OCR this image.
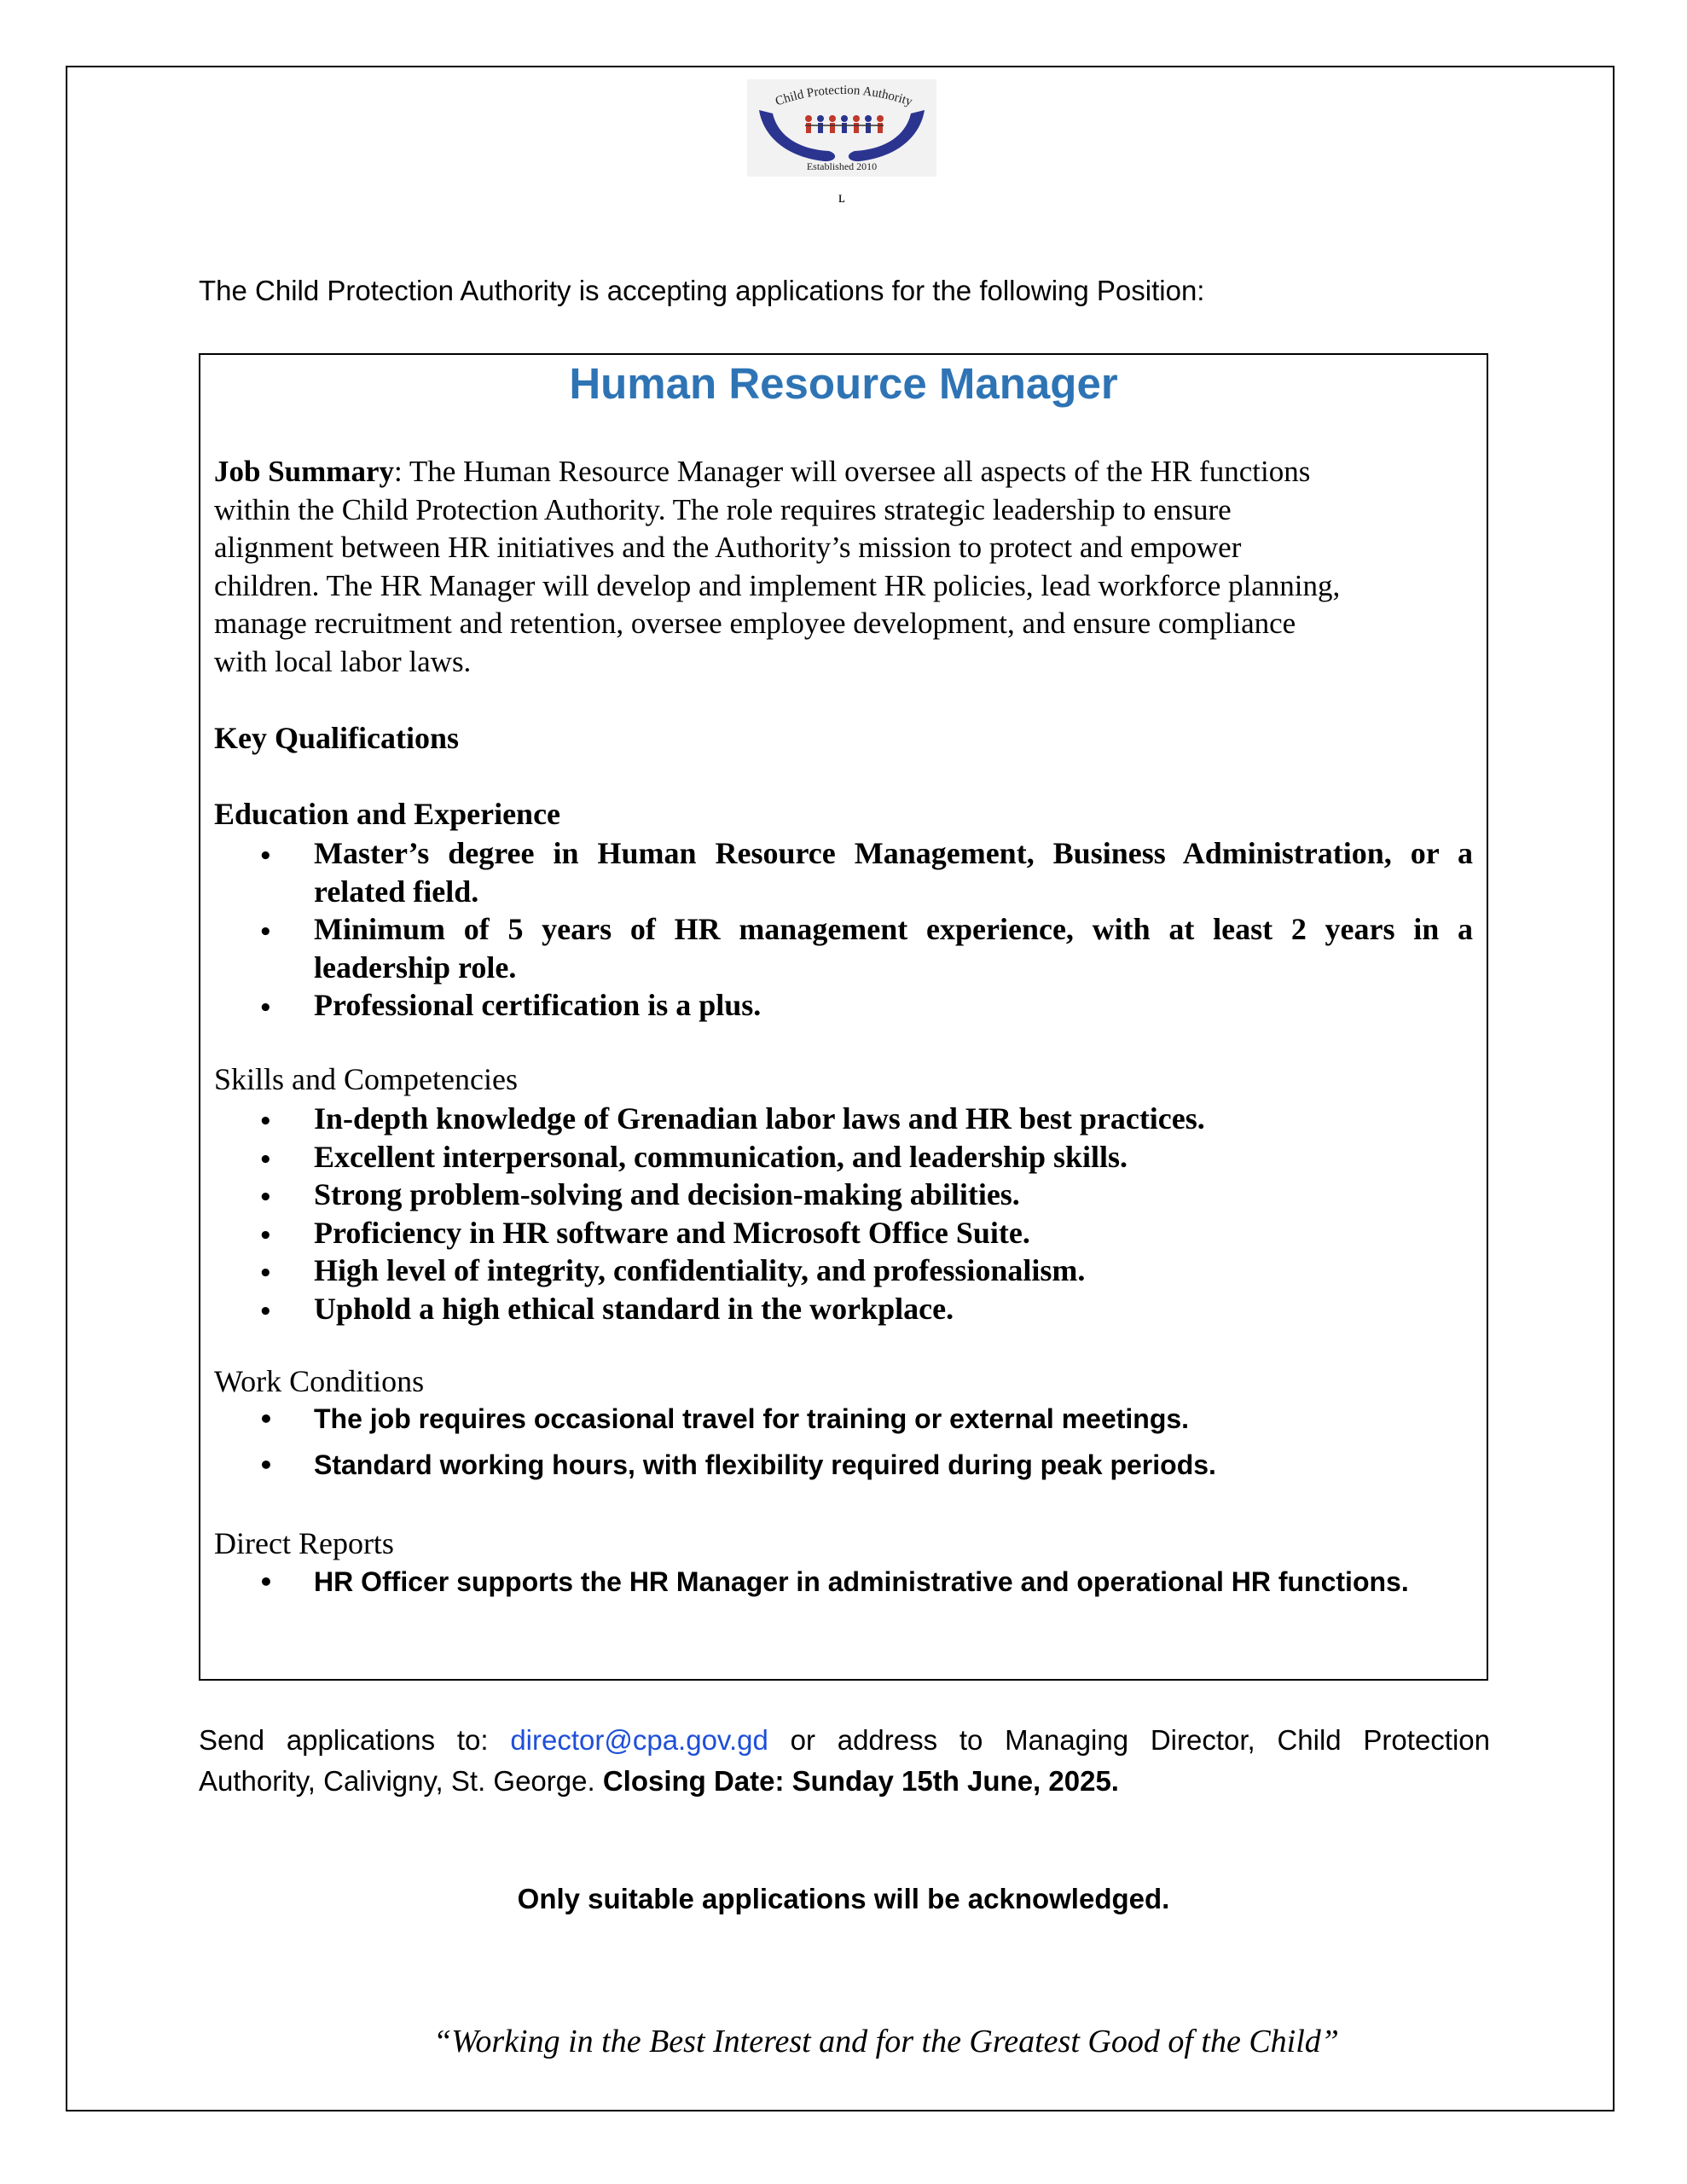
Child Protection Authority
Established 2010
ʟ
The Child Protection Authority is accepting applications for the following Position:
Human Resource Manager
Job Summary: The Human Resource Manager will oversee all aspects of the HR functions
within the Child Protection Authority. The role requires strategic leadership to ensure
alignment between HR initiatives and the Authority’s mission to protect and empower
children. The HR Manager will develop and implement HR policies, lead workforce planning,
manage recruitment and retention, oversee employee development, and ensure compliance
with local labor laws.
Key Qualifications
Education and Experience
• Master’s degree in Human Resource Management, Business Administration, or a
related field.
• Minimum of 5 years of HR management experience, with at least 2 years in a
leadership role.
• Professional certification is a plus.
Skills and Competencies
• In-depth knowledge of Grenadian labor laws and HR best practices.
• Excellent interpersonal, communication, and leadership skills.
• Strong problem-solving and decision-making abilities.
• Proficiency in HR software and Microsoft Office Suite.
• High level of integrity, confidentiality, and professionalism.
• Uphold a high ethical standard in the workplace.
Work Conditions
• The job requires occasional travel for training or external meetings.
• Standard working hours, with flexibility required during peak periods.
Direct Reports
• HR Officer supports the HR Manager in administrative and operational HR functions.
Send applications to: director@cpa.gov.gd or address to Managing Director, Child Protection
Authority, Calivigny, St. George. Closing Date: Sunday 15th June, 2025.
Only suitable applications will be acknowledged.
“Working in the Best Interest and for the Greatest Good of the Child”
